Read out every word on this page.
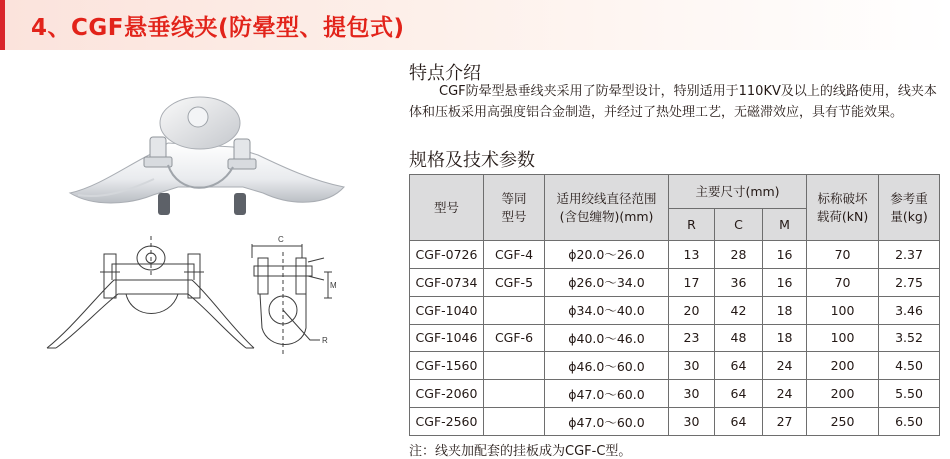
4、CGF悬垂线夹(防晕型、提包式)
C
M
R
特点介绍

CGF防晕型悬垂线夹采用了防晕型设计，特别适用于110KV及以上的线路使用，线夹本体和压板采用高强度铝合金制造，并经过了热处理工艺，无磁滞效应，具有节能效果。

规格及技术参数
型号	等同型号	适用绞线直径范围(含包缠物)(mm)	主要尺寸(mm)			标称破坏载荷(kN)	参考重量(kg)
			R	C	M		
CGF-0726	CGF-4	ϕ20.0～26.0	13	28	16	70	2.37
CGF-0734	CGF-5	ϕ26.0～34.0	17	36	16	70	2.75
CGF-1040		ϕ34.0～40.0	20	42	18	100	3.46
CGF-1046	CGF-6	ϕ40.0～46.0	23	48	18	100	3.52
CGF-1560		ϕ46.0～60.0	30	64	24	200	4.50
CGF-2060		ϕ47.0～60.0	30	64	24	200	5.50
CGF-2560		ϕ47.0～60.0	30	64	27	250	6.50
注：线夹加配套的挂板成为CGF-C型。
